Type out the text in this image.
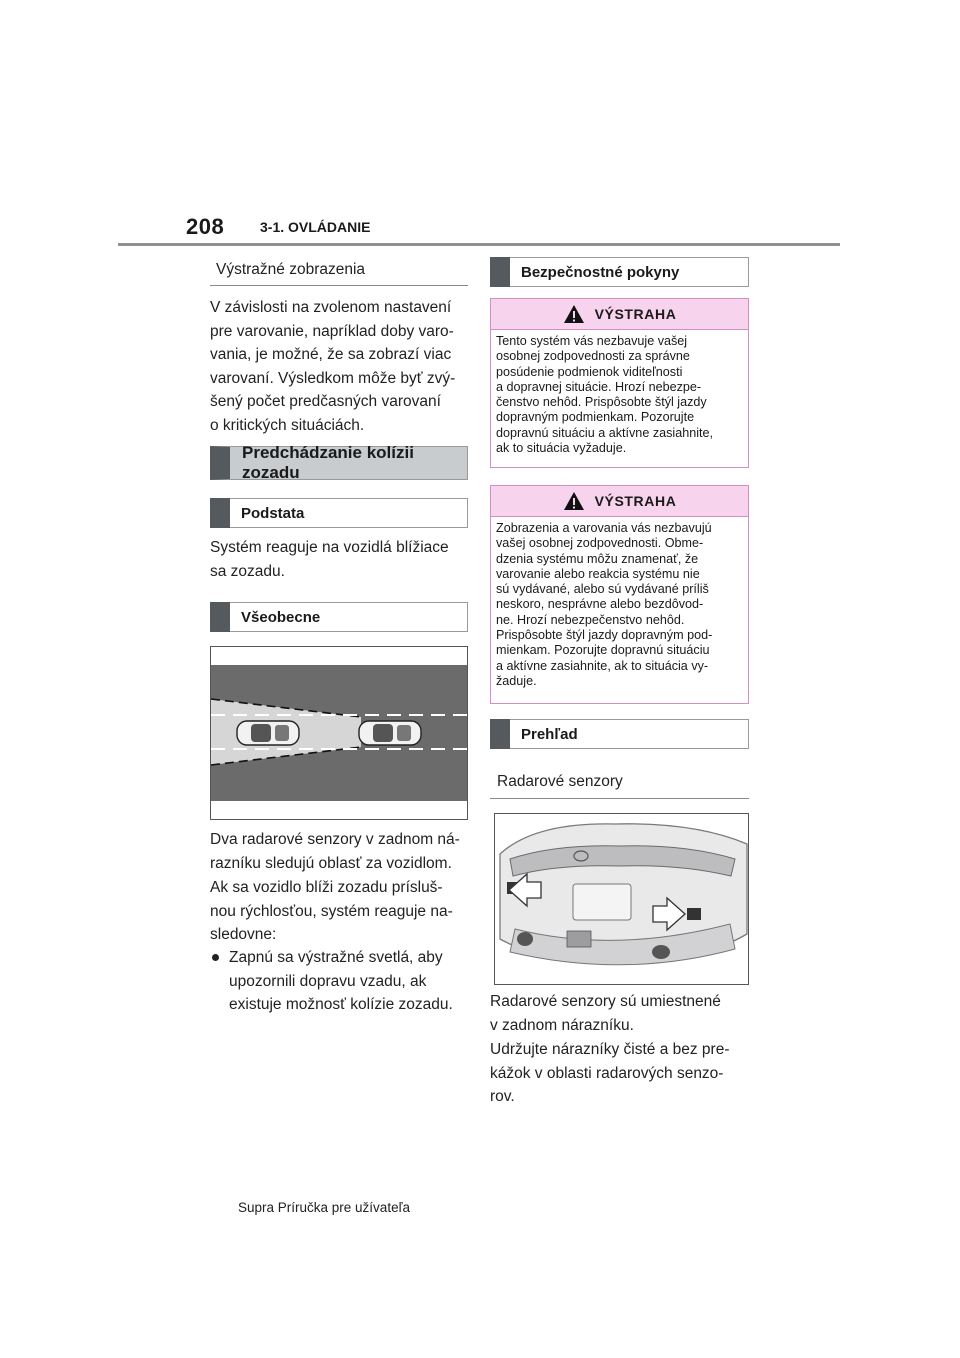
208	3-1. OVLÁDANIE
Výstražné zobrazenia
V závislosti na zvolenom nastavení
pre varovanie, napríklad doby varo-
vania, je možné, že sa zobrazí viac
varovaní. Výsledkom môže byť zvý-
šený počet predčasných varovaní
o kritických situáciách.
Predchádzanie kolízii zozadu
Podstata
Systém reaguje na vozidlá blížiace
sa zozadu.
Všeobecne
Dva radarové senzory v zadnom ná-
razníku sledujú oblasť za vozidlom.
Ak sa vozidlo blíži zozadu prísluš-
nou rýchlosťou, systém reaguje na-
sledovne:
Zapnú sa výstražné svetlá, aby
upozornili dopravu vzadu, ak
existuje možnosť kolízie zozadu.
Bezpečnostné pokyny
VÝSTRAHA
Tento systém vás nezbavuje vašej
osobnej zodpovednosti za správne
posúdenie podmienok viditeľnosti
a dopravnej situácie. Hrozí nebezpe-
čenstvo nehôd. Prispôsobte štýl jazdy
dopravným podmienkam. Pozorujte
dopravnú situáciu a aktívne zasiahnite,
ak to situácia vyžaduje.
VÝSTRAHA
Zobrazenia a varovania vás nezbavujú
vašej osobnej zodpovednosti. Obme-
dzenia systému môžu znamenať, že
varovanie alebo reakcia systému nie
sú vydávané, alebo sú vydávané príliš
neskoro, nesprávne alebo bezdôvod-
ne. Hrozí nebezpečenstvo nehôd.
Prispôsobte štýl jazdy dopravným pod-
mienkam. Pozorujte dopravnú situáciu
a aktívne zasiahnite, ak to situácia vy-
žaduje.
Prehľad
Radarové senzory
Radarové senzory sú umiestnené
v zadnom nárazníku.
Udržujte nárazníky čisté a bez pre-
kážok v oblasti radarových senzo-
rov.
Supra Príručka pre užívateľa
